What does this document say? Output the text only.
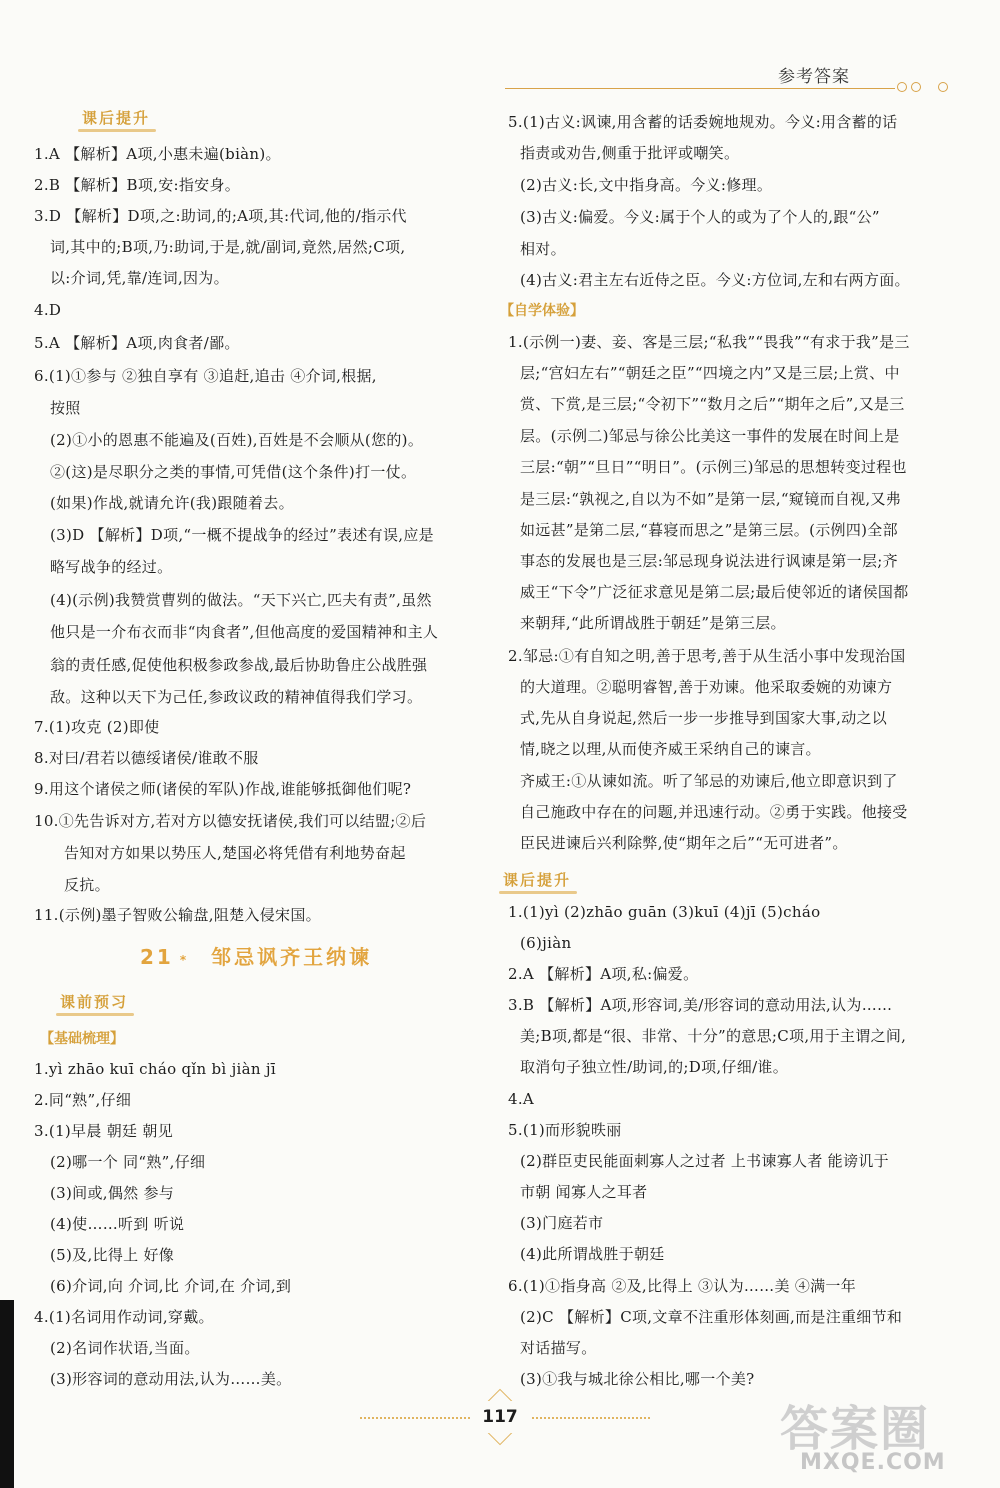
参考答案
课后提升
1.A 【解析】A项,小惠未遍(biàn)。
2.B 【解析】B项,安:指安身。
3.D 【解析】D项,之:助词,的;A项,其:代词,他的/指示代
词,其中的;B项,乃:助词,于是,就/副词,竟然,居然;C项,
以:介词,凭,靠/连词,因为。
4.D
5.A 【解析】A项,肉食者/鄙。
6.(1)①参与 ②独自享有 ③追赶,追击 ④介词,根据,
按照
(2)①小的恩惠不能遍及(百姓),百姓是不会顺从(您的)。
②(这)是尽职分之类的事情,可凭借(这个条件)打一仗。
(如果)作战,就请允许(我)跟随着去。
(3)D 【解析】D项,“一概不提战争的经过”表述有误,应是
略写战争的经过。
(4)(示例)我赞赏曹刿的做法。“天下兴亡,匹夫有责”,虽然
他只是一介布衣而非“肉食者”,但他高度的爱国精神和主人
翁的责任感,促使他积极参政参战,最后协助鲁庄公战胜强
敌。这种以天下为己任,参政议政的精神值得我们学习。
7.(1)攻克 (2)即使
8.对曰/君若以德绥诸侯/谁敢不服
9.用这个诸侯之师(诸侯的军队)作战,谁能够抵御他们呢?
10.①先告诉对方,若对方以德安抚诸侯,我们可以结盟;②后
告知对方如果以势压人,楚国必将凭借有利地势奋起
反抗。
11.(示例)墨子智败公输盘,阻楚入侵宋国。
21 * 邹忌讽齐王纳谏
课前预习
【基础梳理】
1.yì zhāo kuī cháo qǐn bì jiàn jī
2.同“熟”,仔细
3.(1)早晨 朝廷 朝见
(2)哪一个 同“熟”,仔细
(3)间或,偶然 参与
(4)使……听到 听说
(5)及,比得上 好像
(6)介词,向 介词,比 介词,在 介词,到
4.(1)名词用作动词,穿戴。
(2)名词作状语,当面。
(3)形容词的意动用法,认为……美。
5.(1)古义:讽谏,用含蓄的话委婉地规劝。今义:用含蓄的话
指责或劝告,侧重于批评或嘲笑。
(2)古义:长,文中指身高。今义:修理。
(3)古义:偏爱。今义:属于个人的或为了个人的,跟“公”
相对。
(4)古义:君主左右近侍之臣。今义:方位词,左和右两方面。
【自学体验】
1.(示例一)妻、妾、客是三层;“私我”“畏我”“有求于我”是三
层;“宫妇左右”“朝廷之臣”“四境之内”又是三层;上赏、中
赏、下赏,是三层;“令初下”“数月之后”“期年之后”,又是三
层。(示例二)邹忌与徐公比美这一事件的发展在时间上是
三层:“朝”“旦日”“明日”。(示例三)邹忌的思想转变过程也
是三层:“孰视之,自以为不如”是第一层,“窥镜而自视,又弗
如远甚”是第二层,“暮寝而思之”是第三层。(示例四)全部
事态的发展也是三层:邹忌现身说法进行讽谏是第一层;齐
威王“下令”广泛征求意见是第二层;最后使邻近的诸侯国都
来朝拜,“此所谓战胜于朝廷”是第三层。
2.邹忌:①有自知之明,善于思考,善于从生活小事中发现治国
的大道理。②聪明睿智,善于劝谏。他采取委婉的劝谏方
式,先从自身说起,然后一步一步推导到国家大事,动之以
情,晓之以理,从而使齐威王采纳自己的谏言。
齐威王:①从谏如流。听了邹忌的劝谏后,他立即意识到了
自己施政中存在的问题,并迅速行动。②勇于实践。他接受
臣民进谏后兴利除弊,使“期年之后”“无可进者”。
课后提升
1.(1)yì (2)zhāo guān (3)kuī (4)jī (5)cháo
(6)jiàn
2.A 【解析】A项,私:偏爱。
3.B 【解析】A项,形容词,美/形容词的意动用法,认为……
美;B项,都是“很、非常、十分”的意思;C项,用于主谓之间,
取消句子独立性/助词,的;D项,仔细/谁。
4.A
5.(1)而形貌昳丽
(2)群臣吏民能面刺寡人之过者 上书谏寡人者 能谤讥于
市朝 闻寡人之耳者
(3)门庭若市
(4)此所谓战胜于朝廷
6.(1)①指身高 ②及,比得上 ③认为……美 ④满一年
(2)C 【解析】C项,文章不注重形体刻画,而是注重细节和
对话描写。
(3)①我与城北徐公相比,哪一个美?
117	答案圈
MXQE.COM
